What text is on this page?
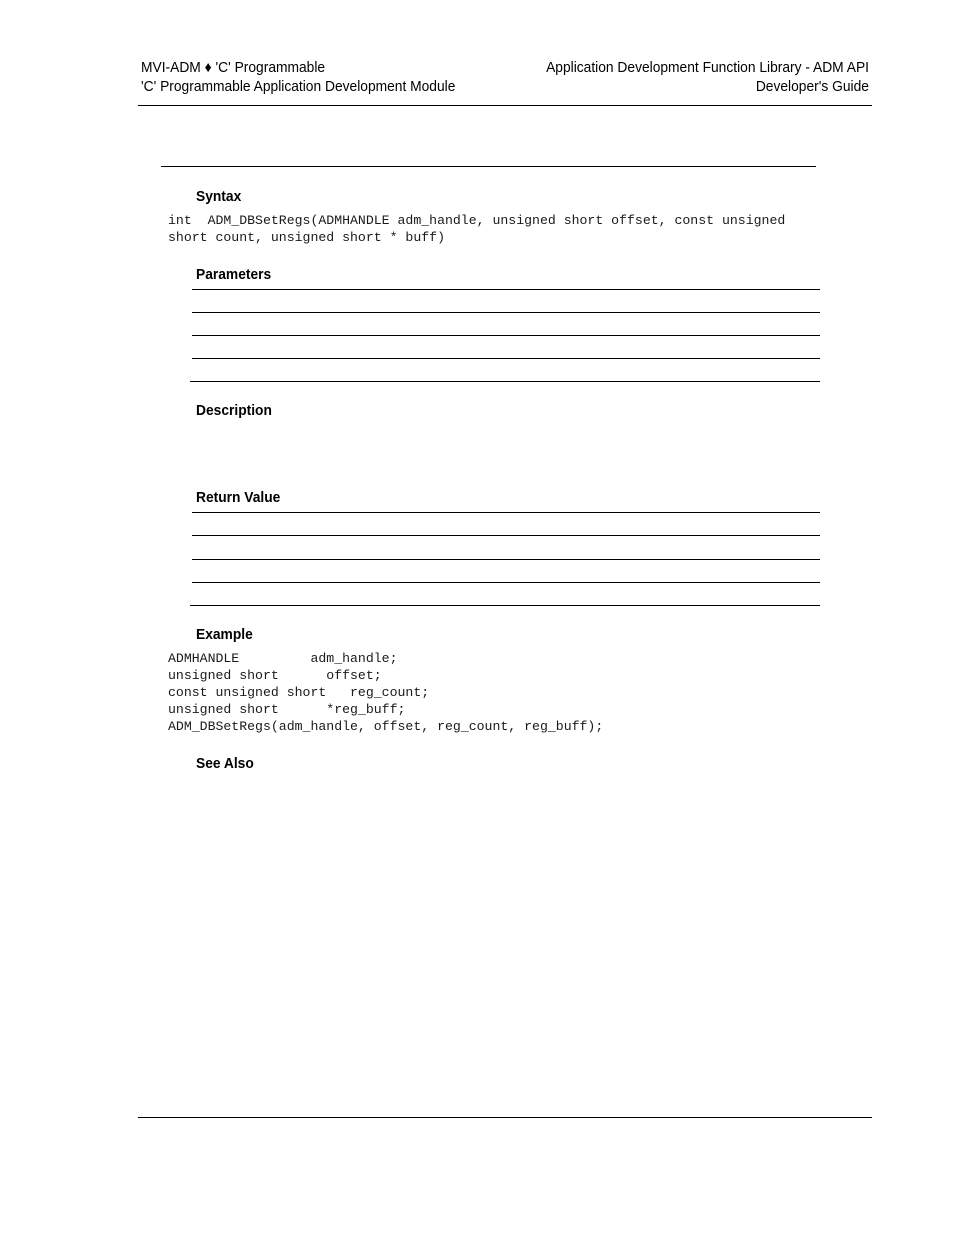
MVI-ADM ♦ 'C' Programmable
'C' Programmable Application Development Module
Application Development Function Library - ADM API
Developer's Guide
Syntax
int  ADM_DBSetRegs(ADMHANDLE adm_handle, unsigned short offset, const unsigned
short count, unsigned short * buff)
Parameters
Description
Return Value
Example
ADMHANDLE         adm_handle;
unsigned short      offset;
const unsigned short   reg_count;
unsigned short      *reg_buff;
ADM_DBSetRegs(adm_handle, offset, reg_count, reg_buff);
See Also
